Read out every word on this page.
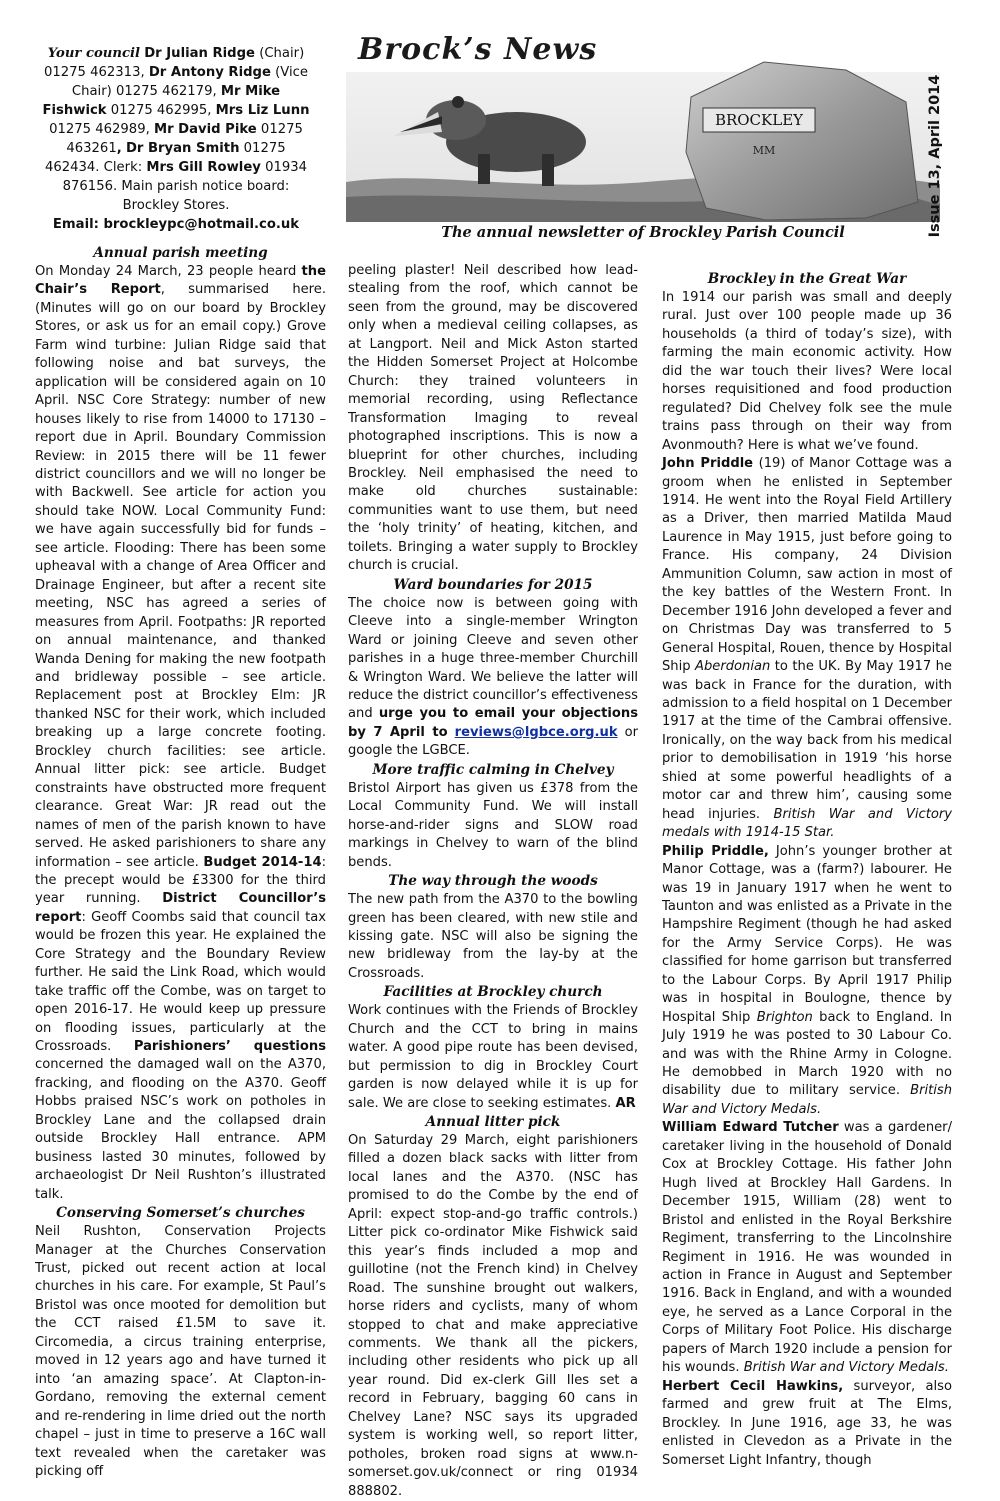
Your council Dr Julian Ridge (Chair) 01275 462313, Dr Antony Ridge (Vice Chair) 01275 462179, Mr Mike Fishwick 01275 462995, Mrs Liz Lunn 01275 462989, Mr David Pike 01275 463261, Dr Bryan Smith 01275 462434. Clerk: Mrs Gill Rowley 01934 876156. Main parish notice board: Brockley Stores.
Email: brockleypc@hotmail.co.uk
BROCKLEY
MM
Brock’s News
Issue 13, April 2014
The annual newsletter of Brockley Parish Council
Annual parish meeting

On Monday 24 March, 23 people heard the Chair’s Report, summarised here. (Minutes will go on our board by Brockley Stores, or ask us for an email copy.) Grove Farm wind turbine: Julian Ridge said that following noise and bat surveys, the application will be considered again on 10 April. NSC Core Strategy: number of new houses likely to rise from 14000 to 17130 – report due in April. Boundary Commission Review: in 2015 there will be 11 fewer district councillors and we will no longer be with Backwell. See article for action you should take NOW. Local Community Fund: we have again successfully bid for funds – see article. Flooding: There has been some upheaval with a change of Area Officer and Drainage Engineer, but after a recent site meeting, NSC has agreed a series of measures from April. Footpaths: JR reported on annual maintenance, and thanked Wanda Dening for making the new footpath and bridleway possible – see article. Replacement post at Brockley Elm: JR thanked NSC for their work, which included breaking up a large concrete footing. Brockley church facilities: see article. Annual litter pick: see article. Budget constraints have obstructed more frequent clearance. Great War: JR read out the names of men of the parish known to have served. He asked parishioners to share any information – see article. Budget 2014-14: the precept would be £3300 for the third year running. District Councillor’s report: Geoff Coombs said that council tax would be frozen this year. He explained the Core Strategy and the Boundary Review further. He said the Link Road, which would take traffic off the Combe, was on target to open 2016-17. He would keep up pressure on flooding issues, particularly at the Crossroads. Parishioners’ questions concerned the damaged wall on the A370, fracking, and flooding on the A370. Geoff Hobbs praised NSC’s work on potholes in Brockley Lane and the collapsed drain outside Brockley Hall entrance. APM business lasted 30 minutes, followed by archaeologist Dr Neil Rushton’s illustrated talk.

Conserving Somerset’s churches

Neil Rushton, Conservation Projects Manager at the Churches Conservation Trust, picked out recent action at local churches in his care. For example, St Paul’s Bristol was once mooted for demolition but the CCT raised £1.5M to save it. Circomedia, a circus training enterprise, moved in 12 years ago and have turned it into ‘an amazing space’. At Clapton-in-Gordano, removing the external cement and re-rendering in lime dried out the north chapel – just in time to preserve a 16C wall text revealed when the caretaker was picking off

peeling plaster! Neil described how lead-stealing from the roof, which cannot be seen from the ground, may be discovered only when a medieval ceiling collapses, as at Langport. Neil and Mick Aston started the Hidden Somerset Project at Holcombe Church: they trained volunteers in memorial recording, using Reflectance Transformation Imaging to reveal photographed inscriptions. This is now a blueprint for other churches, including Brockley. Neil emphasised the need to make old churches sustainable: communities want to use them, but need the ‘holy trinity’ of heating, kitchen, and toilets. Bringing a water supply to Brockley church is crucial.

Ward boundaries for 2015

The choice now is between going with Cleeve into a single-member Wrington Ward or joining Cleeve and seven other parishes in a huge three-member Churchill & Wrington Ward. We believe the latter will reduce the district councillor’s effectiveness and urge you to email your objections by 7 April to reviews@lgbce.org.uk or google the LGBCE.

More traffic calming in Chelvey

Bristol Airport has given us £378 from the Local Community Fund. We will install horse-and-rider signs and SLOW road markings in Chelvey to warn of the blind bends.

The way through the woods

The new path from the A370 to the bowling green has been cleared, with new stile and kissing gate. NSC will also be signing the new bridleway from the lay-by at the Crossroads.

Facilities at Brockley church

Work continues with the Friends of Brockley Church and the CCT to bring in mains water. A good pipe route has been devised, but permission to dig in Brockley Court garden is now delayed while it is up for sale. We are close to seeking estimates. AR

Annual litter pick

On Saturday 29 March, eight parishioners filled a dozen black sacks with litter from local lanes and the A370. (NSC has promised to do the Combe by the end of April: expect stop-and-go traffic controls.) Litter pick co-ordinator Mike Fishwick said this year’s finds included a mop and guillotine (not the French kind) in Chelvey Road. The sunshine brought out walkers, horse riders and cyclists, many of whom stopped to chat and make appreciative comments. We thank all the pickers, including other residents who pick up all year round. Did ex-clerk Gill Iles set a record in February, bagging 60 cans in Chelvey Lane? NSC says its upgraded system is working well, so report litter, potholes, broken road signs at www.n-somerset.gov.uk/connect or ring 01934 888802.

Brockley in the Great War

In 1914 our parish was small and deeply rural. Just over 100 people made up 36 households (a third of today’s size), with farming the main economic activity. How did the war touch their lives? Were local horses requisitioned and food production regulated? Did Chelvey folk see the mule trains pass through on their way from Avonmouth? Here is what we’ve found.

John Priddle (19) of Manor Cottage was a groom when he enlisted in September 1914. He went into the Royal Field Artillery as a Driver, then married Matilda Maud Laurence in May 1915, just before going to France. His company, 24 Division Ammunition Column, saw action in most of the key battles of the Western Front. In December 1916 John developed a fever and on Christmas Day was transferred to 5 General Hospital, Rouen, thence by Hospital Ship Aberdonian to the UK. By May 1917 he was back in France for the duration, with admission to a field hospital on 1 December 1917 at the time of the Cambrai offensive. Ironically, on the way back from his medical prior to demobilisation in 1919 ‘his horse shied at some powerful headlights of a motor car and threw him’, causing some head injuries. British War and Victory medals with 1914-15 Star.

Philip Priddle, John’s younger brother at Manor Cottage, was a (farm?) labourer. He was 19 in January 1917 when he went to Taunton and was enlisted as a Private in the Hampshire Regiment (though he had asked for the Army Service Corps). He was classified for home garrison but transferred to the Labour Corps. By April 1917 Philip was in hospital in Boulogne, thence by Hospital Ship Brighton back to England. In July 1919 he was posted to 30 Labour Co. and was with the Rhine Army in Cologne. He demobbed in March 1920 with no disability due to military service. British War and Victory Medals.

William Edward Tutcher was a gardener/ caretaker living in the household of Donald Cox at Brockley Cottage. His father John Hugh lived at Brockley Hall Gardens. In December 1915, William (28) went to Bristol and enlisted in the Royal Berkshire Regiment, transferring to the Lincolnshire Regiment in 1916. He was wounded in action in France in August and September 1916. Back in England, and with a wounded eye, he served as a Lance Corporal in the Corps of Military Foot Police. His discharge papers of March 1920 include a pension for his wounds. British War and Victory Medals.

Herbert Cecil Hawkins, surveyor, also farmed and grew fruit at The Elms, Brockley. In June 1916, age 33, he was enlisted in Clevedon as a Private in the Somerset Light Infantry, though
